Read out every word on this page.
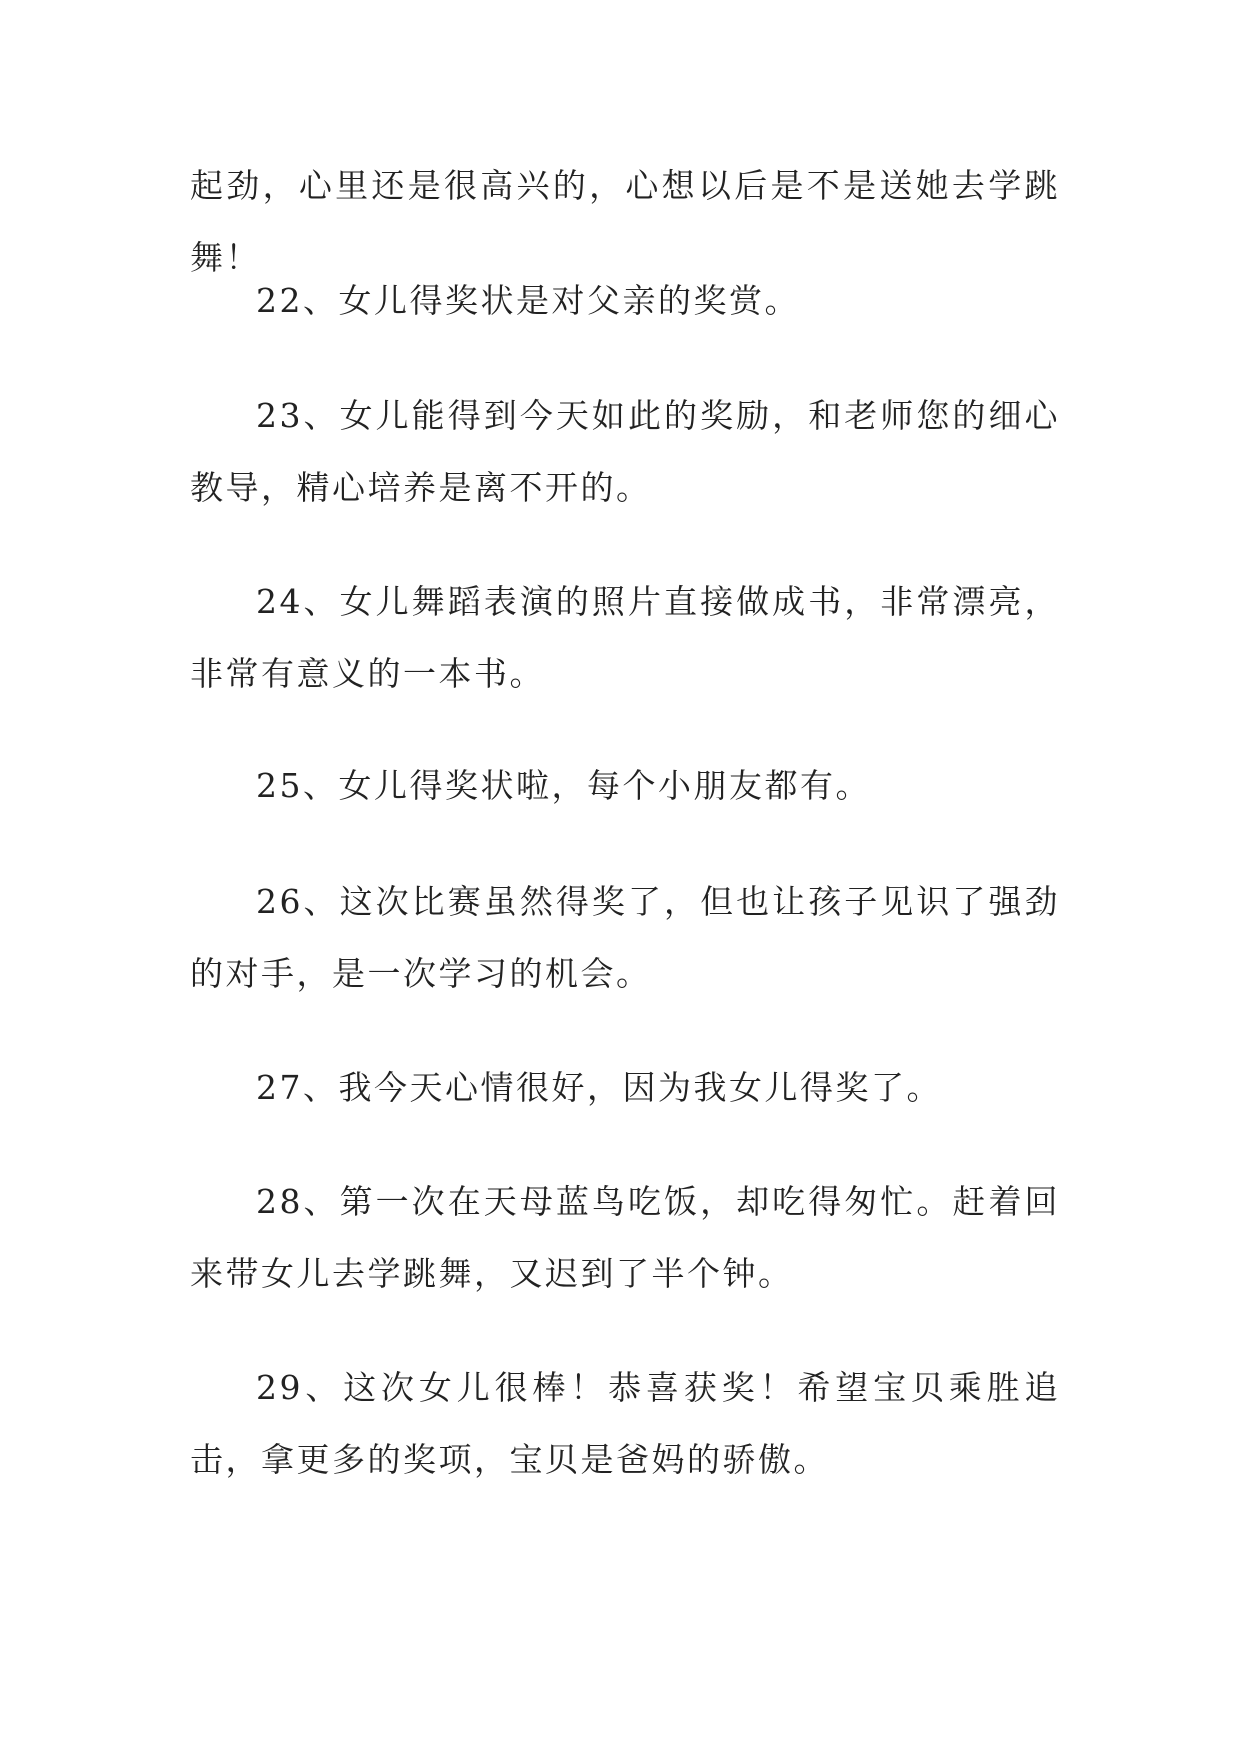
起劲，心里还是很高兴的，心想以后是不是送她去学跳舞！

22、女儿得奖状是对父亲的奖赏。

23、女儿能得到今天如此的奖励，和老师您的细心教导，精心培养是离不开的。

24、女儿舞蹈表演的照片直接做成书，非常漂亮，非常有意义的一本书。

25、女儿得奖状啦，每个小朋友都有。

26、这次比赛虽然得奖了，但也让孩子见识了强劲的对手，是一次学习的机会。

27、我今天心情很好，因为我女儿得奖了。

28、第一次在天母蓝鸟吃饭，却吃得匆忙。赶着回来带女儿去学跳舞，又迟到了半个钟。

29、这次女儿很棒！恭喜获奖！希望宝贝乘胜追击，拿更多的奖项，宝贝是爸妈的骄傲。
